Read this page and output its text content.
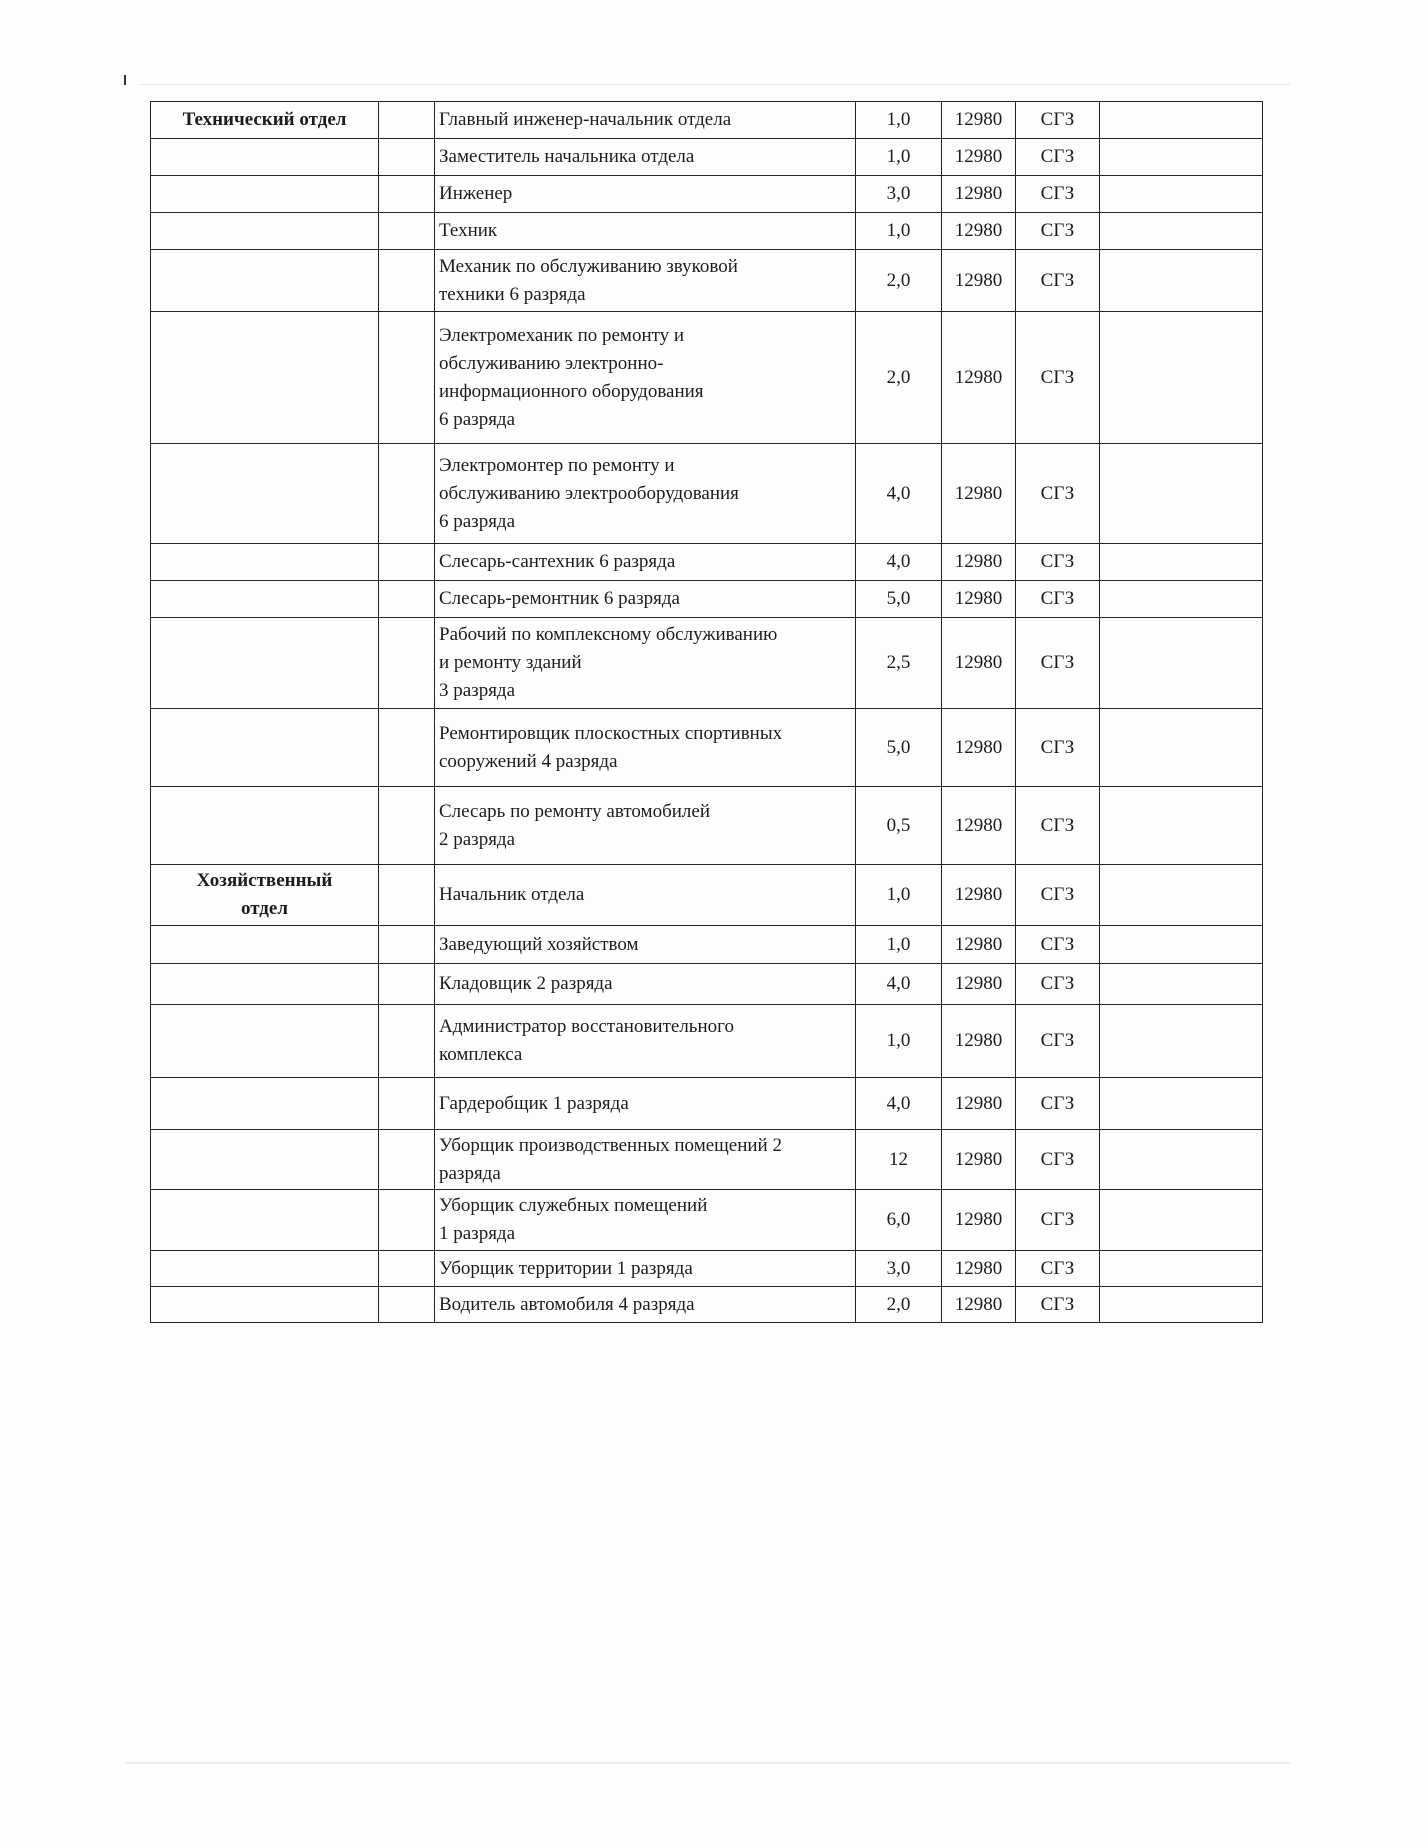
Технический отдел		Главный инженер-начальник отдела	1,0	12980	СГЗ	
		Заместитель начальника отдела	1,0	12980	СГЗ	
		Инженер	3,0	12980	СГЗ	
		Техник	1,0	12980	СГЗ	
		Механик по обслуживанию звуковой
техники 6 разряда	2,0	12980	СГЗ	
		Электромеханик по ремонту и
обслуживанию электронно-
информационного оборудования
6 разряда	2,0	12980	СГЗ	
		Электромонтер по ремонту и
обслуживанию электрооборудования
6 разряда	4,0	12980	СГЗ	
		Слесарь-сантехник 6 разряда	4,0	12980	СГЗ	
		Слесарь-ремонтник 6 разряда	5,0	12980	СГЗ	
		Рабочий по комплексному обслуживанию
и ремонту зданий
3 разряда	2,5	12980	СГЗ	
		Ремонтировщик плоскостных спортивных
сооружений 4 разряда	5,0	12980	СГЗ	
		Слесарь по ремонту автомобилей
2 разряда	0,5	12980	СГЗ	
Хозяйственный
отдел		Начальник отдела	1,0	12980	СГЗ	
		Заведующий хозяйством	1,0	12980	СГЗ	
		Кладовщик 2 разряда	4,0	12980	СГЗ	
		Администратор восстановительного
комплекса	1,0	12980	СГЗ	
		Гардеробщик 1 разряда	4,0	12980	СГЗ	
		Уборщик производственных помещений 2
разряда	12	12980	СГЗ	
		Уборщик служебных помещений
1 разряда	6,0	12980	СГЗ	
		Уборщик территории 1 разряда	3,0	12980	СГЗ	
		Водитель автомобиля 4 разряда	2,0	12980	СГЗ	
